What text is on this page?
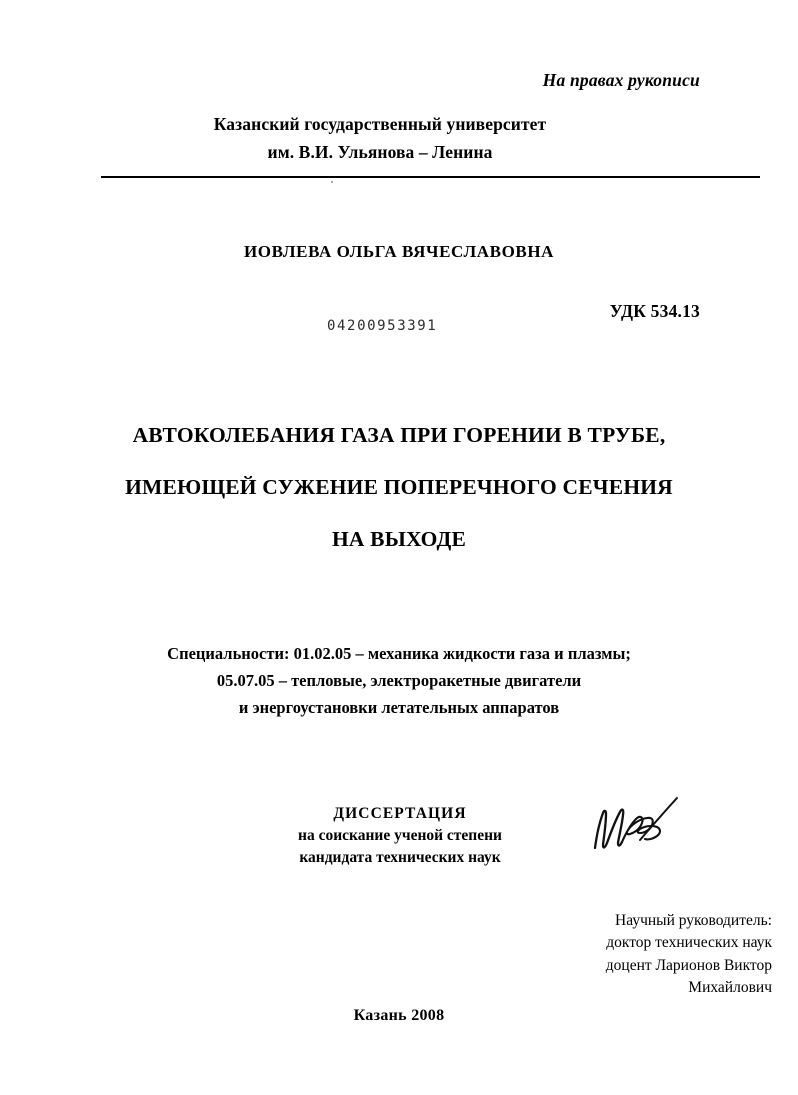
На правах рукописи
Казанский государственный университет
им. В.И. Ульянова – Ленина
ИОВЛЕВА ОЛЬГА ВЯЧЕСЛАВОВНА
УДК 534.13
04200953391
АВТОКОЛЕБАНИЯ ГАЗА ПРИ ГОРЕНИИ В ТРУБЕ,
ИМЕЮЩЕЙ СУЖЕНИЕ ПОПЕРЕЧНОГО СЕЧЕНИЯ
НА ВЫХОДЕ
Специальности: 01.02.05 – механика жидкости газа и плазмы;
05.07.05 – тепловые, электроракетные двигатели
и энергоустановки летательных аппаратов
ДИССЕРТАЦИЯ
на соискание ученой степени
кандидата технических наук
Научный руководитель:
доктор технических наук
доцент Ларионов Виктор
Михайлович
Казань 2008
